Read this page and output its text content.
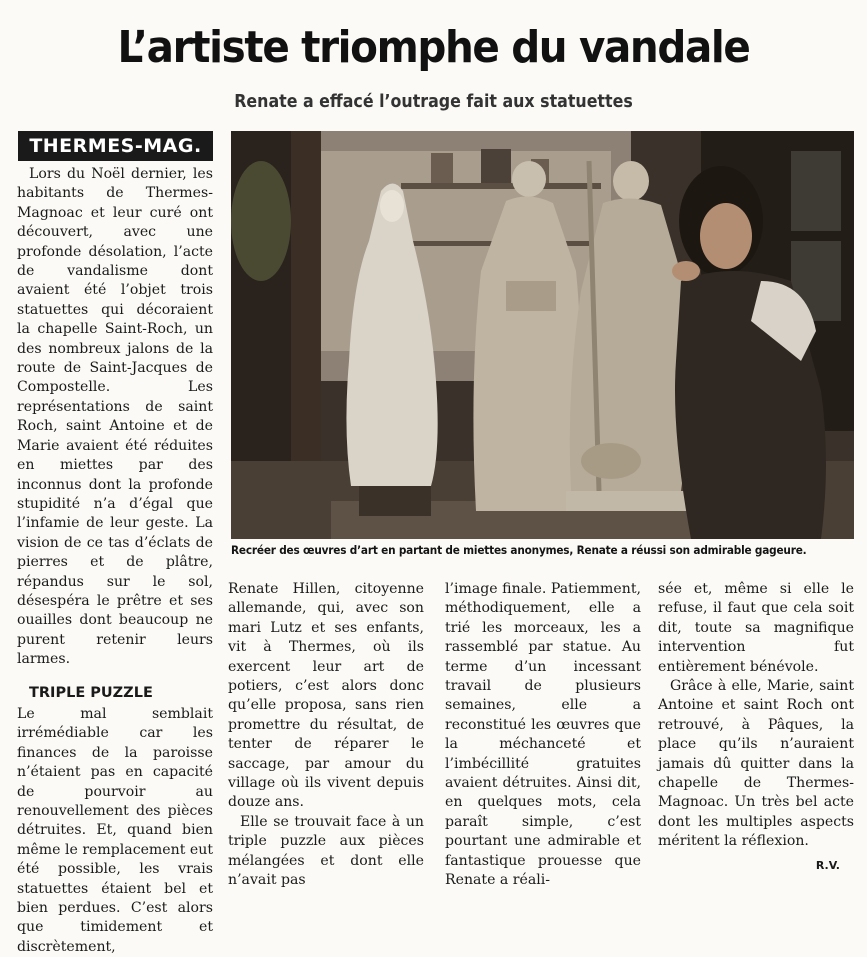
L’artiste triomphe du vandale
Renate a effacé l’outrage fait aux statuettes
THERMES-MAG.

Lors du Noël dernier, les habitants de Thermes-Magnoac et leur curé ont découvert, avec une profonde désolation, l’acte de vandalisme dont avaient été l’objet trois statuettes qui décoraient la chapelle Saint-Roch, un des nombreux jalons de la route de Saint-Jacques de Compostelle. Les représentations de saint Roch, saint Antoine et de Marie avaient été réduites en miettes par des inconnus dont la profonde stupidité n’a d’égal que l’infamie de leur geste. La vision de ce tas d’éclats de pierres et de plâtre, répandus sur le sol, désespéra le prêtre et ses ouailles dont beaucoup ne purent retenir leurs larmes.

TRIPLE PUZZLE

Le mal semblait irrémédiable car les finances de la paroisse n’étaient pas en capacité de pourvoir au renouvellement des pièces détruites. Et, quand bien même le remplacement eut été possible, les vrais statuettes étaient bel et bien perdues. C’est alors que timidement et discrètement,

Recréer des œuvres d’art en partant de miettes anonymes, Renate a réussi son admirable gageure.

Renate Hillen, citoyenne allemande, qui, avec son mari Lutz et ses enfants, vit à Thermes, où ils exercent leur art de potiers, c’est alors donc qu’elle proposa, sans rien promettre du résultat, de tenter de réparer le saccage, par amour du village où ils vivent depuis douze ans.

Elle se trouvait face à un triple puzzle aux pièces mélangées et dont elle n’avait pas

l’image finale. Patiemment, méthodiquement, elle a trié les morceaux, les a rassemblé par statue. Au terme d’un incessant travail de plusieurs semaines, elle a reconstitué les œuvres que la méchanceté et l’imbécillité gratuites avaient détruites. Ainsi dit, en quelques mots, cela paraît simple, c’est pourtant une admirable et fantastique prouesse que Renate a réali-

sée et, même si elle le refuse, il faut que cela soit dit, toute sa magnifique intervention fut entièrement bénévole.

Grâce à elle, Marie, saint Antoine et saint Roch ont retrouvé, à Pâques, la place qu’ils n’auraient jamais dû quitter dans la chapelle de Thermes-Magnoac. Un très bel acte dont les multiples aspects méritent la réflexion.

R.V.
